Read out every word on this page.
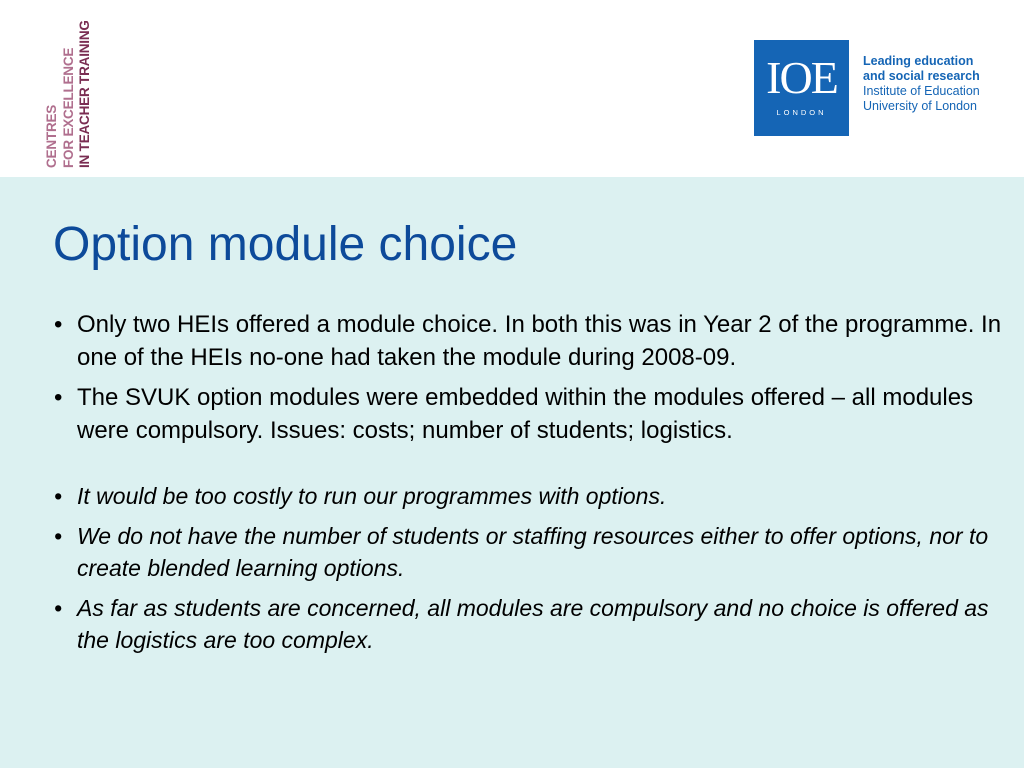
CENTRES FOR EXCELLENCE IN TEACHER TRAINING	IOE
LONDON
Leading education
and social research
Institute of Education
University of London
Option module choice
• Only two HEIs offered a module choice. In both this was in Year 2 of the programme. In one of the HEIs no-one had taken the module during 2008-09.
• The SVUK option modules were embedded within the modules offered – all modules were compulsory. Issues: costs; number of students; logistics.
• It would be too costly to run our programmes with options.
• We do not have the number of students or staffing resources either to offer options, nor to create blended learning options.
• As far as students are concerned, all modules are compulsory and no choice is offered as the logistics are too complex.
